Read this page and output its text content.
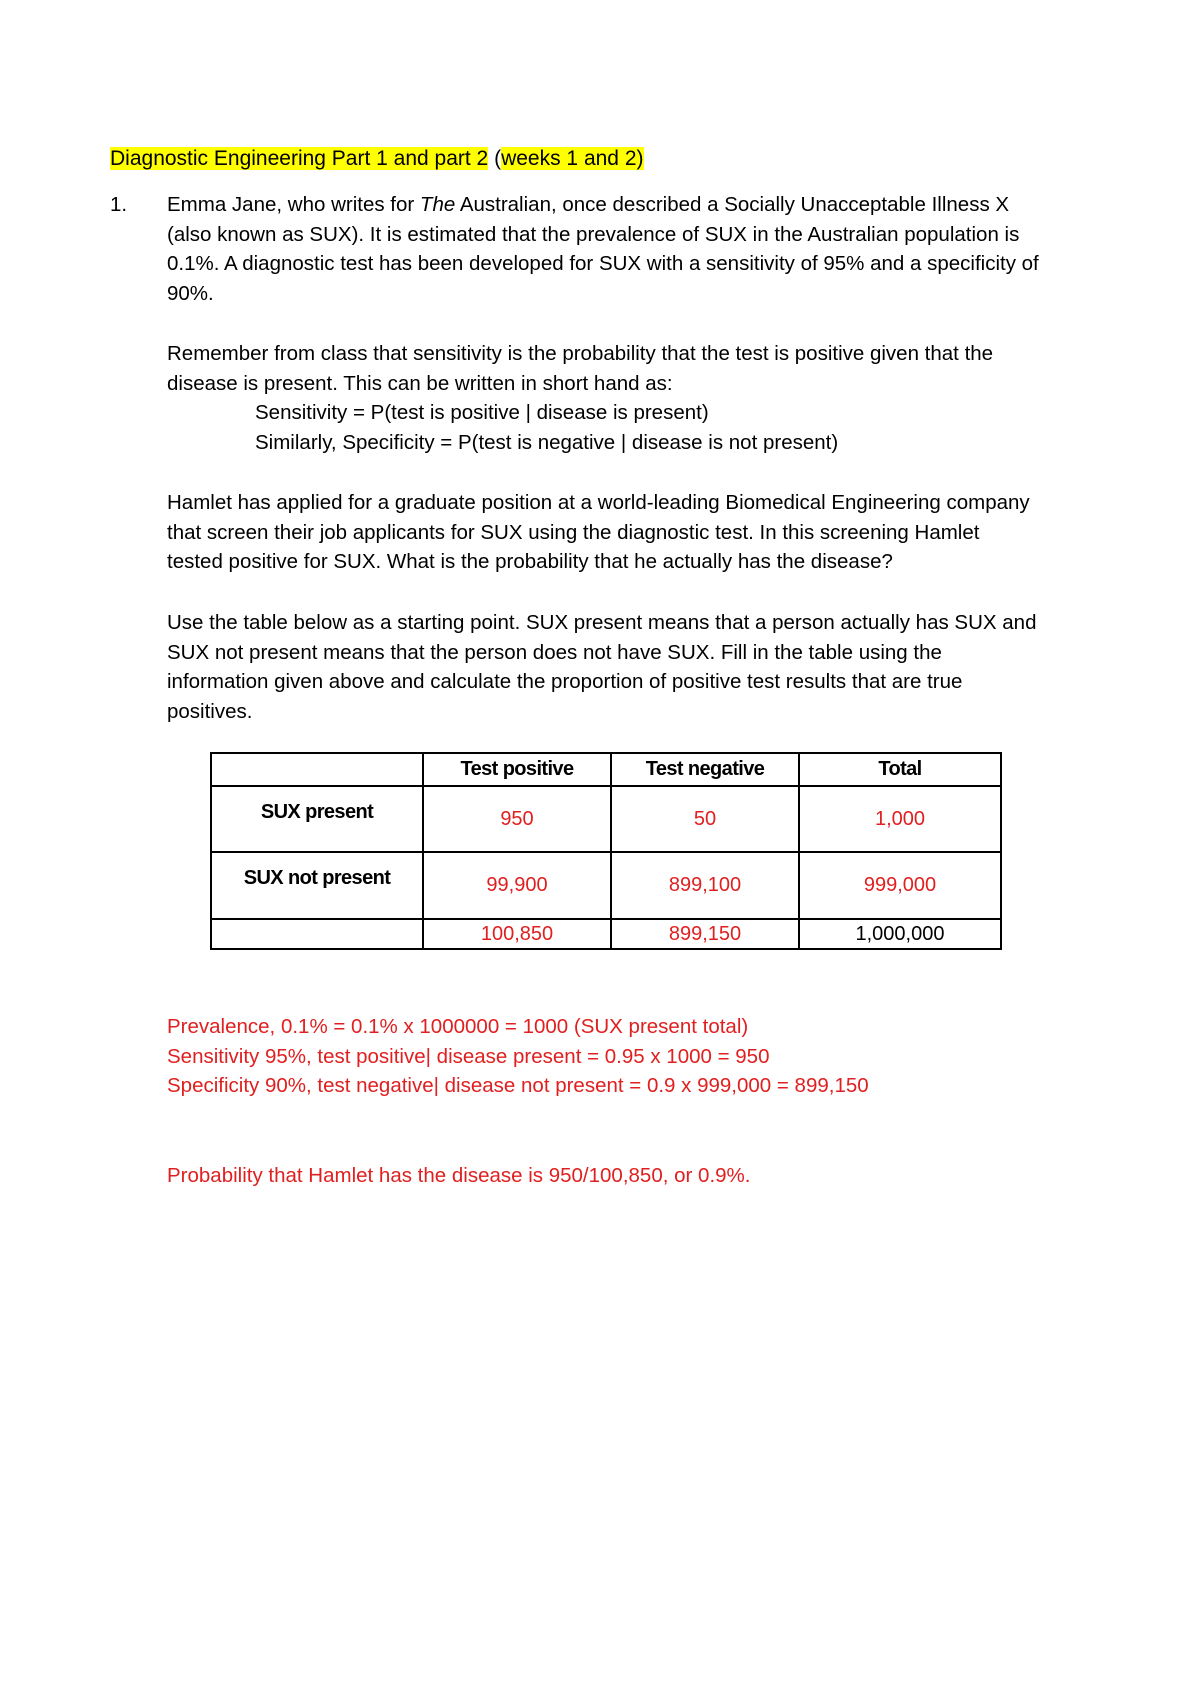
Diagnostic Engineering Part 1 and part 2 (weeks 1 and 2)
1. Emma Jane, who writes for The Australian, once described a Socially Unacceptable Illness X
(also known as SUX). It is estimated that the prevalence of SUX in the Australian population is
0.1%. A diagnostic test has been developed for SUX with a sensitivity of 95% and a specificity of
90%.

Remember from class that sensitivity is the probability that the test is positive given that the
disease is present. This can be written in short hand as:
Sensitivity = P(test is positive | disease is present)
Similarly, Specificity = P(test is negative | disease is not present)

Hamlet has applied for a graduate position at a world-leading Biomedical Engineering company
that screen their job applicants for SUX using the diagnostic test. In this screening Hamlet
tested positive for SUX. What is the probability that he actually has the disease?

Use the table below as a starting point. SUX present means that a person actually has SUX and
SUX not present means that the person does not have SUX. Fill in the table using the
information given above and calculate the proportion of positive test results that are true
positives.

	Test positive	Test negative	Total
SUX present	950	50	1,000
SUX not present	99,900	899,100	999,000
	100,850	899,150	1,000,000

Prevalence, 0.1% = 0.1% x 1000000 = 1000 (SUX present total)
Sensitivity 95%, test positive| disease present = 0.95 x 1000 = 950
Specificity 90%, test negative| disease not present = 0.9 x 999,000 = 899,150

Probability that Hamlet has the disease is 950/100,850, or 0.9%.
